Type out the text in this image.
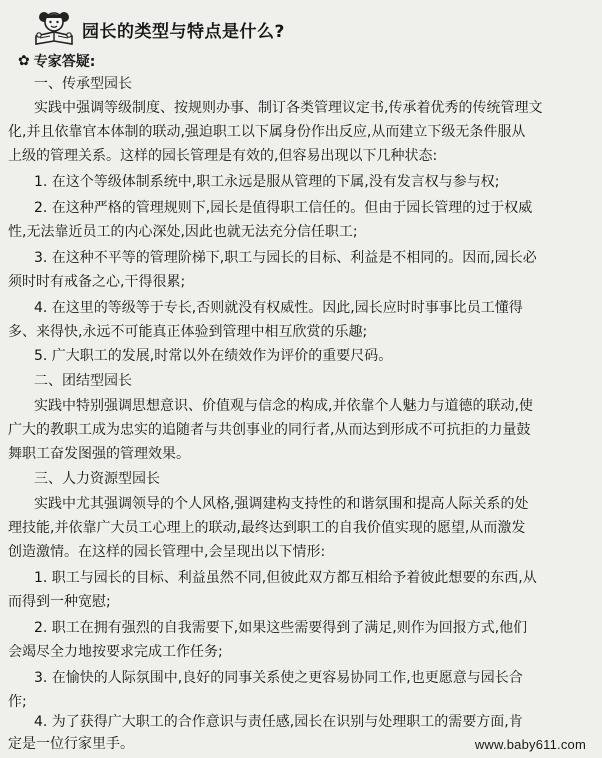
园长的类型与特点是什么?
✿ 专家答疑:
一、传承型园长
实践中强调等级制度、按规则办事、制订各类管理议定书,传承着优秀的传统管理文
化,并且依靠官本体制的联动,强迫职工以下属身份作出反应,从而建立下级无条件服从
上级的管理关系。这样的园长管理是有效的,但容易出现以下几种状态:
1. 在这个等级体制系统中,职工永远是服从管理的下属,没有发言权与参与权;
2. 在这种严格的管理规则下,园长是值得职工信任的。但由于园长管理的过于权威
性,无法靠近员工的内心深处,因此也就无法充分信任职工;
3. 在这种不平等的管理阶梯下,职工与园长的目标、利益是不相同的。因而,园长必
须时时有戒备之心,干得很累;
4. 在这里的等级等于专长,否则就没有权威性。因此,园长应时时事事比员工懂得
多、来得快,永远不可能真正体验到管理中相互欣赏的乐趣;
5. 广大职工的发展,时常以外在绩效作为评价的重要尺码。
二、团结型园长
实践中特别强调思想意识、价值观与信念的构成,并依靠个人魅力与道德的联动,使
广大的教职工成为忠实的追随者与共创事业的同行者,从而达到形成不可抗拒的力量鼓
舞职工奋发图强的管理效果。
三、人力资源型园长
实践中尤其强调领导的个人风格,强调建构支持性的和谐氛围和提高人际关系的处
理技能,并依靠广大员工心理上的联动,最终达到职工的自我价值实现的愿望,从而激发
创造激情。在这样的园长管理中,会呈现出以下情形:
1. 职工与园长的目标、利益虽然不同,但彼此双方都互相给予着彼此想要的东西,从
而得到一种宽慰;
2. 职工在拥有强烈的自我需要下,如果这些需要得到了满足,则作为回报方式,他们
会竭尽全力地按要求完成工作任务;
3. 在愉快的人际氛围中,良好的同事关系使之更容易协同工作,也更愿意与园长合
作;
4. 为了获得广大职工的合作意识与责任感,园长在识别与处理职工的需要方面,肯
定是一位行家里手。	www.baby611.com
